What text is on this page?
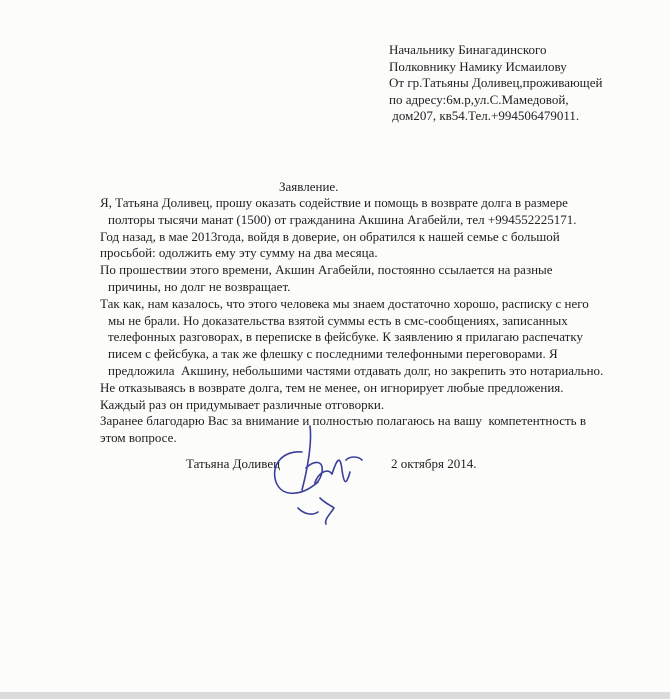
Начальнику Бинагадинского
Полковнику Намику Исмаилову
От гр.Татьяны Доливец,проживающей
по адресу:6м.р,ул.С.Мамедовой,
дом207, кв54.Тел.+994506479011.
Заявление.
Я, Татьяна Доливец, прошу оказать содействие и помощь в возврате долга в размере
полторы тысячи манат (1500) от гражданина Акшина Агабейли, тел +994552225171.
Год назад, в мае 2013года, войдя в доверие, он обратился к нашей семье с большой
просьбой: одолжить ему эту сумму на два месяца.
По прошествии этого времени, Акшин Агабейли, постоянно ссылается на разные
причины, но долг не возвращает.
Так как, нам казалось, что этого человека мы знаем достаточно хорошо, расписку с него
мы не брали. Но доказательства взятой суммы есть в смс-сообщениях, записанных
телефонных разговорах, в переписке в фейсбуке. К заявлению я прилагаю распечатку
писем с фейсбука, а так же флешку с последними телефонными переговорами. Я
предложила  Акшину, небольшими частями отдавать долг, но закрепить это нотариально.
Не отказываясь в возврате долга, тем не менее, он игнорирует любые предложения.
Каждый раз он придумывает различные отговорки.
Заранее благодарю Вас за внимание и полностью полагаюсь на вашу  компетентность в
этом вопросе.
Татьяна Доливец	2 октября 2014.
